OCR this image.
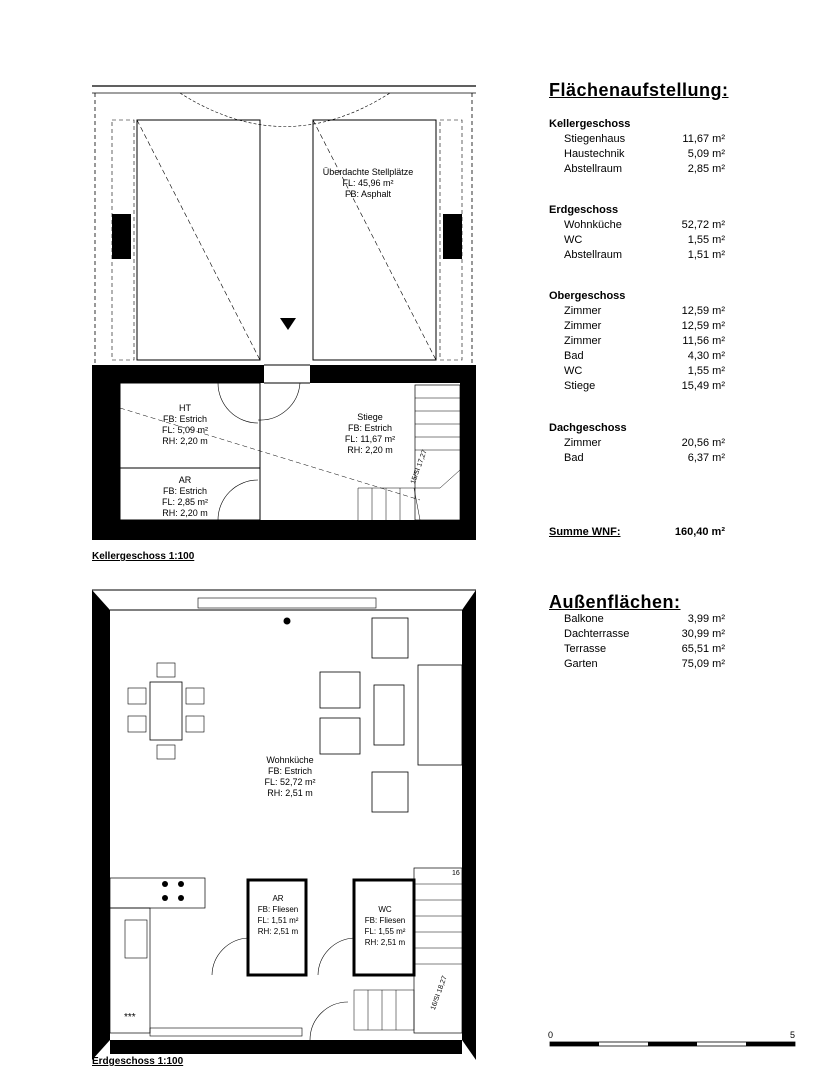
***
Überdachte Stellplätze
FL: 45,96 m²
FB: Asphalt
HT
FB: Estrich
FL: 5,09 m²
RH: 2,20 m
AR
FB: Estrich
FL: 2,85 m²
RH: 2,20 m
Stiege
FB: Estrich
FL: 11,67 m²
RH: 2,20 m	15/SI 17,27
Kellergeschoss 1:100
Wohnküche
FB: Estrich
FL: 52,72 m²
RH: 2,51 m
AR
FB: Fliesen
FL: 1,51 m²
RH: 2,51 m
WC
FB: Fliesen
FL: 1,55 m²
RH: 2,51 m
16
16/SI 18,27
Erdgeschoss 1:100
Flächenaufstellung:
Kellergeschoss
Stiegenhaus	11,67 m²
Haustechnik	5,09 m²
Abstellraum	2,85 m²
Erdgeschoss
Wohnküche	52,72 m²
WC	1,55 m²
Abstellraum	1,51 m²
Obergeschoss
Zimmer	12,59 m²
Zimmer	12,59 m²
Zimmer	11,56 m²
Bad	4,30 m²
WC	1,55 m²
Stiege	15,49 m²
Dachgeschoss
Zimmer	20,56 m²
Bad	6,37 m²
Summe WNF:	160,40 m²
Außenflächen:
Balkone	3,99 m²
Dachterrasse	30,99 m²
Terrasse	65,51 m²
Garten	75,09 m²
0	5
